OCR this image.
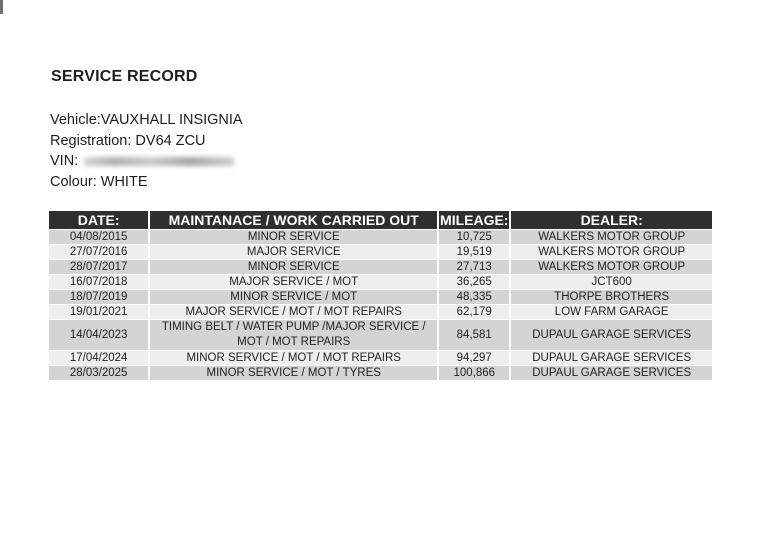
SERVICE RECORD
Vehicle:VAUXHALL INSIGNIA
Registration: DV64 ZCU
VIN:
Colour: WHITE
DATE:	MAINTANACE / WORK CARRIED OUT	MILEAGE:	DEALER:
04/08/2015	MINOR SERVICE	10,725	WALKERS MOTOR GROUP
27/07/2016	MAJOR SERVICE	19,519	WALKERS MOTOR GROUP
28/07/2017	MINOR SERVICE	27,713	WALKERS MOTOR GROUP
16/07/2018	MAJOR SERVICE / MOT	36,265	JCT600
18/07/2019	MINOR SERVICE / MOT	48,335	THORPE BROTHERS
19/01/2021	MAJOR SERVICE / MOT / MOT REPAIRS	62,179	LOW FARM GARAGE
14/04/2023	TIMING BELT / WATER PUMP /MAJOR SERVICE / MOT / MOT REPAIRS	84,581	DUPAUL GARAGE SERVICES
17/04/2024	MINOR SERVICE / MOT / MOT REPAIRS	94,297	DUPAUL GARAGE SERVICES
28/03/2025	MINOR SERVICE / MOT / TYRES	100,866	DUPAUL GARAGE SERVICES
